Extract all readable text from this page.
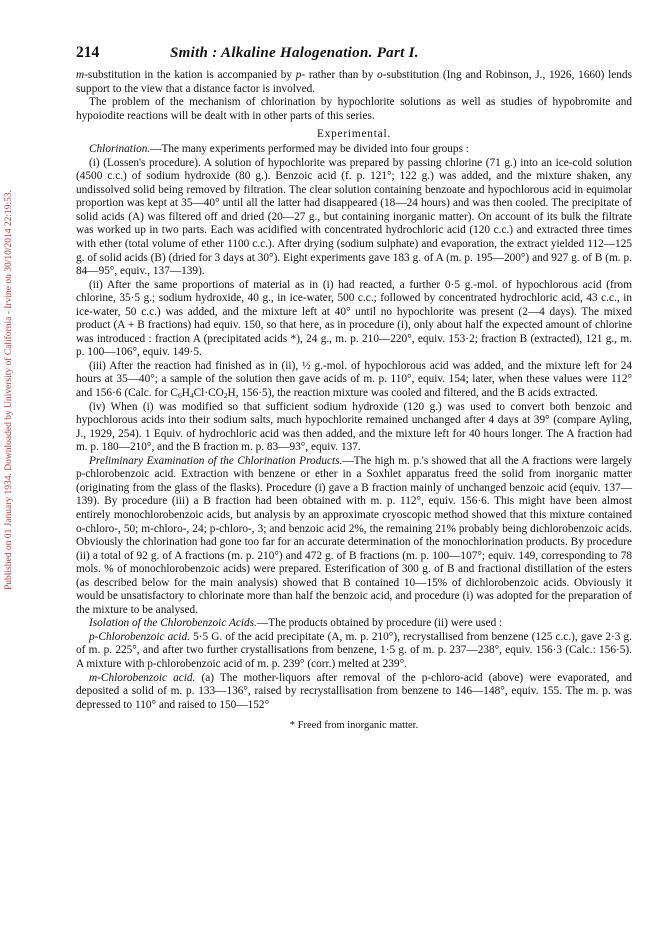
Published on 01 January 1934. Downloaded by University of California - Irvine on 30/10/2014 22:19:53.
214	Smith : Alkaline Halogenation. Part I.

m-substitution in the kation is accompanied by p- rather than by o-substitution (Ing and Robinson, J., 1926, 1660) lends support to the view that a distance factor is involved.

The problem of the mechanism of chlorination by hypochlorite solutions as well as studies of hypobromite and hypoiodite reactions will be dealt with in other parts of this series.

Experimental.

Chlorination.—The many experiments performed may be divided into four groups :

(i) (Lossen's procedure). A solution of hypochlorite was prepared by passing chlorine (71 g.) into an ice-cold solution (4500 c.c.) of sodium hydroxide (80 g.). Benzoic acid (f. p. 121°; 122 g.) was added, and the mixture shaken, any undissolved solid being removed by filtration. The clear solution containing benzoate and hypochlorous acid in equimolar proportion was kept at 35—40° until all the latter had disappeared (18—24 hours) and was then cooled. The precipitate of solid acids (A) was filtered off and dried (20—27 g., but containing inorganic matter). On account of its bulk the filtrate was worked up in two parts. Each was acidified with concentrated hydrochloric acid (120 c.c.) and extracted three times with ether (total volume of ether 1100 c.c.). After drying (sodium sulphate) and evaporation, the extract yielded 112—125 g. of solid acids (B) (dried for 3 days at 30°). Eight experiments gave 183 g. of A (m. p. 195—200°) and 927 g. of B (m. p. 84—95°, equiv., 137—139).

(ii) After the same proportions of material as in (i) had reacted, a further 0·5 g.-mol. of hypochlorous acid (from chlorine, 35·5 g.; sodium hydroxide, 40 g., in ice-water, 500 c.c.; followed by concentrated hydrochloric acid, 43 c.c., in ice-water, 50 c.c.) was added, and the mixture left at 40° until no hypochlorite was present (2—4 days). The mixed product (A + B fractions) had equiv. 150, so that here, as in procedure (i), only about half the expected amount of chlorine was introduced : fraction A (precipitated acids *), 24 g., m. p. 210—220°, equiv. 153·2; fraction B (extracted), 121 g., m. p. 100—106°, equiv. 149·5.

(iii) After the reaction had finished as in (ii), ½ g.-mol. of hypochlorous acid was added, and the mixture left for 24 hours at 35—40°; a sample of the solution then gave acids of m. p. 110°, equiv. 154; later, when these values were 112° and 156·6 (Calc. for $C_6H_4Cl\cdot CO_2H$, 156·5), the reaction mixture was cooled and filtered, and the B acids extracted.

(iv) When (i) was modified so that sufficient sodium hydroxide (120 g.) was used to convert both benzoic and hypochlorous acids into their sodium salts, much hypochlorite remained unchanged after 4 days at 39° (compare Ayling, J., 1929, 254). 1 Equiv. of hydrochloric acid was then added, and the mixture left for 40 hours longer. The A fraction had m. p. 180—210°, and the B fraction m. p. 83—93°, equiv. 137.

Preliminary Examination of the Chlorination Products.—The high m. p.'s showed that all the A fractions were largely p-chlorobenzoic acid. Extraction with benzene or ether in a Soxhlet apparatus freed the solid from inorganic matter (originating from the glass of the flasks). Procedure (i) gave a B fraction mainly of unchanged benzoic acid (equiv. 137—139). By procedure (iii) a B fraction had been obtained with m. p. 112°, equiv. 156·6. This might have been almost entirely monochlorobenzoic acids, but analysis by an approximate cryoscopic method showed that this mixture contained o-chloro-, 50; m-chloro-, 24; p-chloro-, 3; and benzoic acid 2%, the remaining 21% probably being dichlorobenzoic acids. Obviously the chlorination had gone too far for an accurate determination of the monochlorination products. By procedure (ii) a total of 92 g. of A fractions (m. p. 210°) and 472 g. of B fractions (m. p. 100—107°; equiv. 149, corresponding to 78 mols. % of monochlorobenzoic acids) were prepared. Esterification of 300 g. of B and fractional distillation of the esters (as described below for the main analysis) showed that B contained 10—15% of dichlorobenzoic acids. Obviously it would be unsatisfactory to chlorinate more than half the benzoic acid, and procedure (i) was adopted for the preparation of the mixture to be analysed.

Isolation of the Chlorobenzoic Acids.—The products obtained by procedure (ii) were used :

p-Chlorobenzoic acid. 5·5 G. of the acid precipitate (A, m. p. 210°), recrystallised from benzene (125 c.c.), gave 2·3 g. of m. p. 225°, and after two further crystallisations from benzene, 1·5 g. of m. p. 237—238°, equiv. 156·3 (Calc.: 156·5). A mixture with p-chlorobenzoic acid of m. p. 239° (corr.) melted at 239°.

m-Chlorobenzoic acid. (a) The mother-liquors after removal of the p-chloro-acid (above) were evaporated, and deposited a solid of m. p. 133—136°, raised by recrystallisation from benzene to 146—148°, equiv. 155. The m. p. was depressed to 110° and raised to 150—152°

* Freed from inorganic matter.
